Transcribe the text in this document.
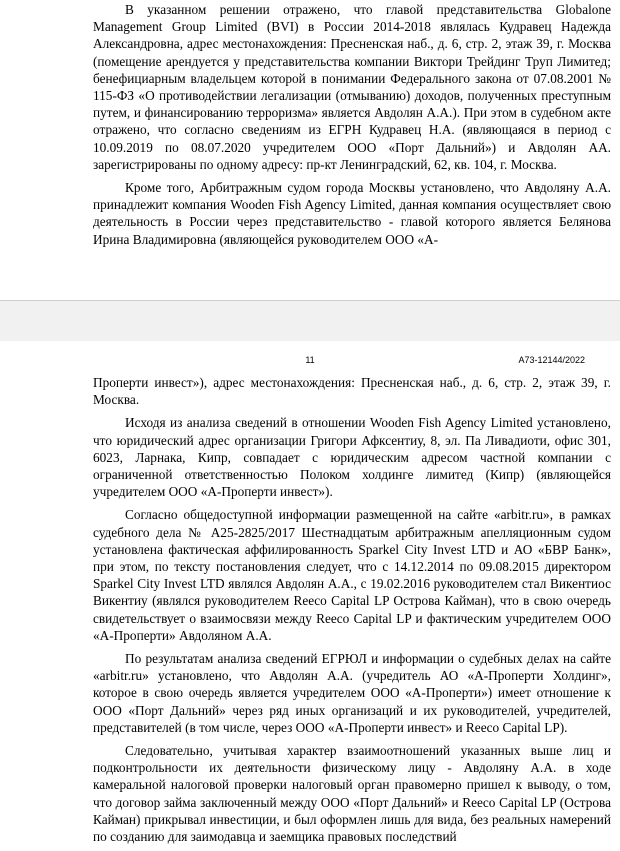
В указанном решении отражено, что главой представительства Globalone Management Group Limited (BVI) в России 2014-2018 являлась Кудравец Надежда Александровна, адрес местонахождения: Пресненская наб., д. 6, стр. 2, этаж 39, г. Москва (помещение арендуется у представительства компании Виктори Трейдинг Труп Лимитед; бенефициарным владельцем которой в понимании Федерального закона от 07.08.2001 № 115-ФЗ «О противодействии легализации (отмыванию) доходов, полученных преступным путем, и финансированию терроризма» является Авдолян А.А.). При этом в судебном акте отражено, что согласно сведениям из ЕГРН Кудравец Н.А. (являющаяся в период с 10.09.2019 по 08.07.2020 учредителем ООО «Порт Дальний») и Авдолян АА. зарегистрированы по одному адресу: пр-кт Ленинградский, 62, кв. 104, г. Москва.

Кроме того, Арбитражным судом города Москвы установлено, что Авдоляну А.А. принадлежит компания Wooden Fish Agency Limited, данная компания осуществляет свою деятельность в России через представительство - главой которого является Белянова Ирина Владимировна (являющейся руководителем ООО «А-

11	А73-12144/2022

Проперти инвест»), адрес местонахождения: Пресненская наб., д. 6, стр. 2, этаж 39, г. Москва.

Исходя из анализа сведений в отношении Wooden Fish Agency Limited установлено, что юридический адрес организации Григори Афксентиу, 8, эл. Па Ливадиоти, офис 301, 6023, Ларнака, Кипр, совпадает с юридическим адресом частной компании с ограниченной ответственностью Полоком холдинге лимитед (Кипр) (являющейся учредителем ООО «А-Проперти инвест»).

Согласно общедоступной информации размещенной на сайте «arbitr.ru», в рамках судебного дела № А25-2825/2017 Шестнадцатым арбитражным апелляционным судом установлена фактическая аффилированность Sparkel City Invest LTD и АО «БВР Банк», при этом, по тексту постановления следует, что с 14.12.2014 по 09.08.2015 директором Sparkel City Invest LTD являлся Авдолян А.А., с 19.02.2016 руководителем стал Викентиос Викентиу (являлся руководителем Reeco Capital LP Острова Кайман), что в свою очередь свидетельствует о взаимосвязи между Reeco Capital LP и фактическим учредителем ООО «А-Проперти» Авдоляном А.А.

По результатам анализа сведений ЕГРЮЛ и информации о судебных делах на сайте «arbitr.ru» установлено, что Авдолян А.А. (учредитель АО «А-Проперти Холдинг», которое в свою очередь является учредителем ООО «А-Проперти») имеет отношение к ООО «Порт Дальний» через ряд иных организаций и их руководителей, учредителей, представителей (в том числе, через ООО «А-Проперти инвест» и Reeco Capital LP).

Следовательно, учитывая характер взаимоотношений указанных выше лиц и подконтрольности их деятельности физическому лицу - Авдоляну А.А. в ходе камеральной налоговой проверки налоговый орган правомерно пришел к выводу, о том, что договор займа заключенный между ООО «Порт Дальний» и Reeco Capital LP (Острова Кайман) прикрывал инвестиции, и был оформлен лишь для вида, без реальных намерений по созданию для заимодавца и заемщика правовых последствий
